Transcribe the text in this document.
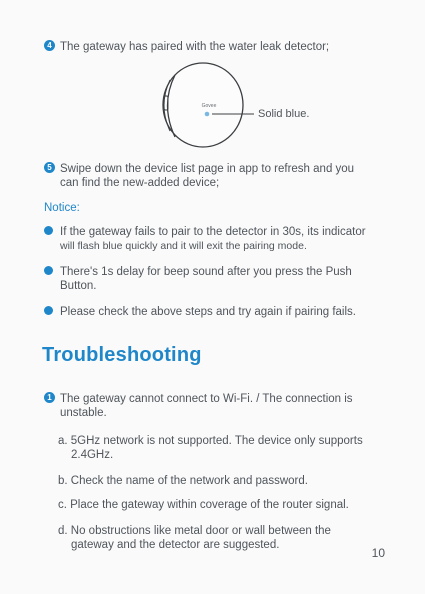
4 The gateway has paired with the water leak detector;
Govee
Solid blue.
5 Swipe down the device list page in app to refresh and you
can find the new-added device;
Notice:
If the gateway fails to pair to the detector in 30s, its indicator
will flash blue quickly and it will exit the pairing mode.
There's 1s delay for beep sound after you press the Push
Button.
Please check the above steps and try again if pairing fails.
Troubleshooting
1 The gateway cannot connect to Wi-Fi. / The connection is
unstable.
a. 5GHz network is not supported. The device only supports
2.4GHz.
b. Check the name of the network and password.
c. Place the gateway within coverage of the router signal.
d. No obstructions like metal door or wall between the
gateway and the detector are suggested.
10
